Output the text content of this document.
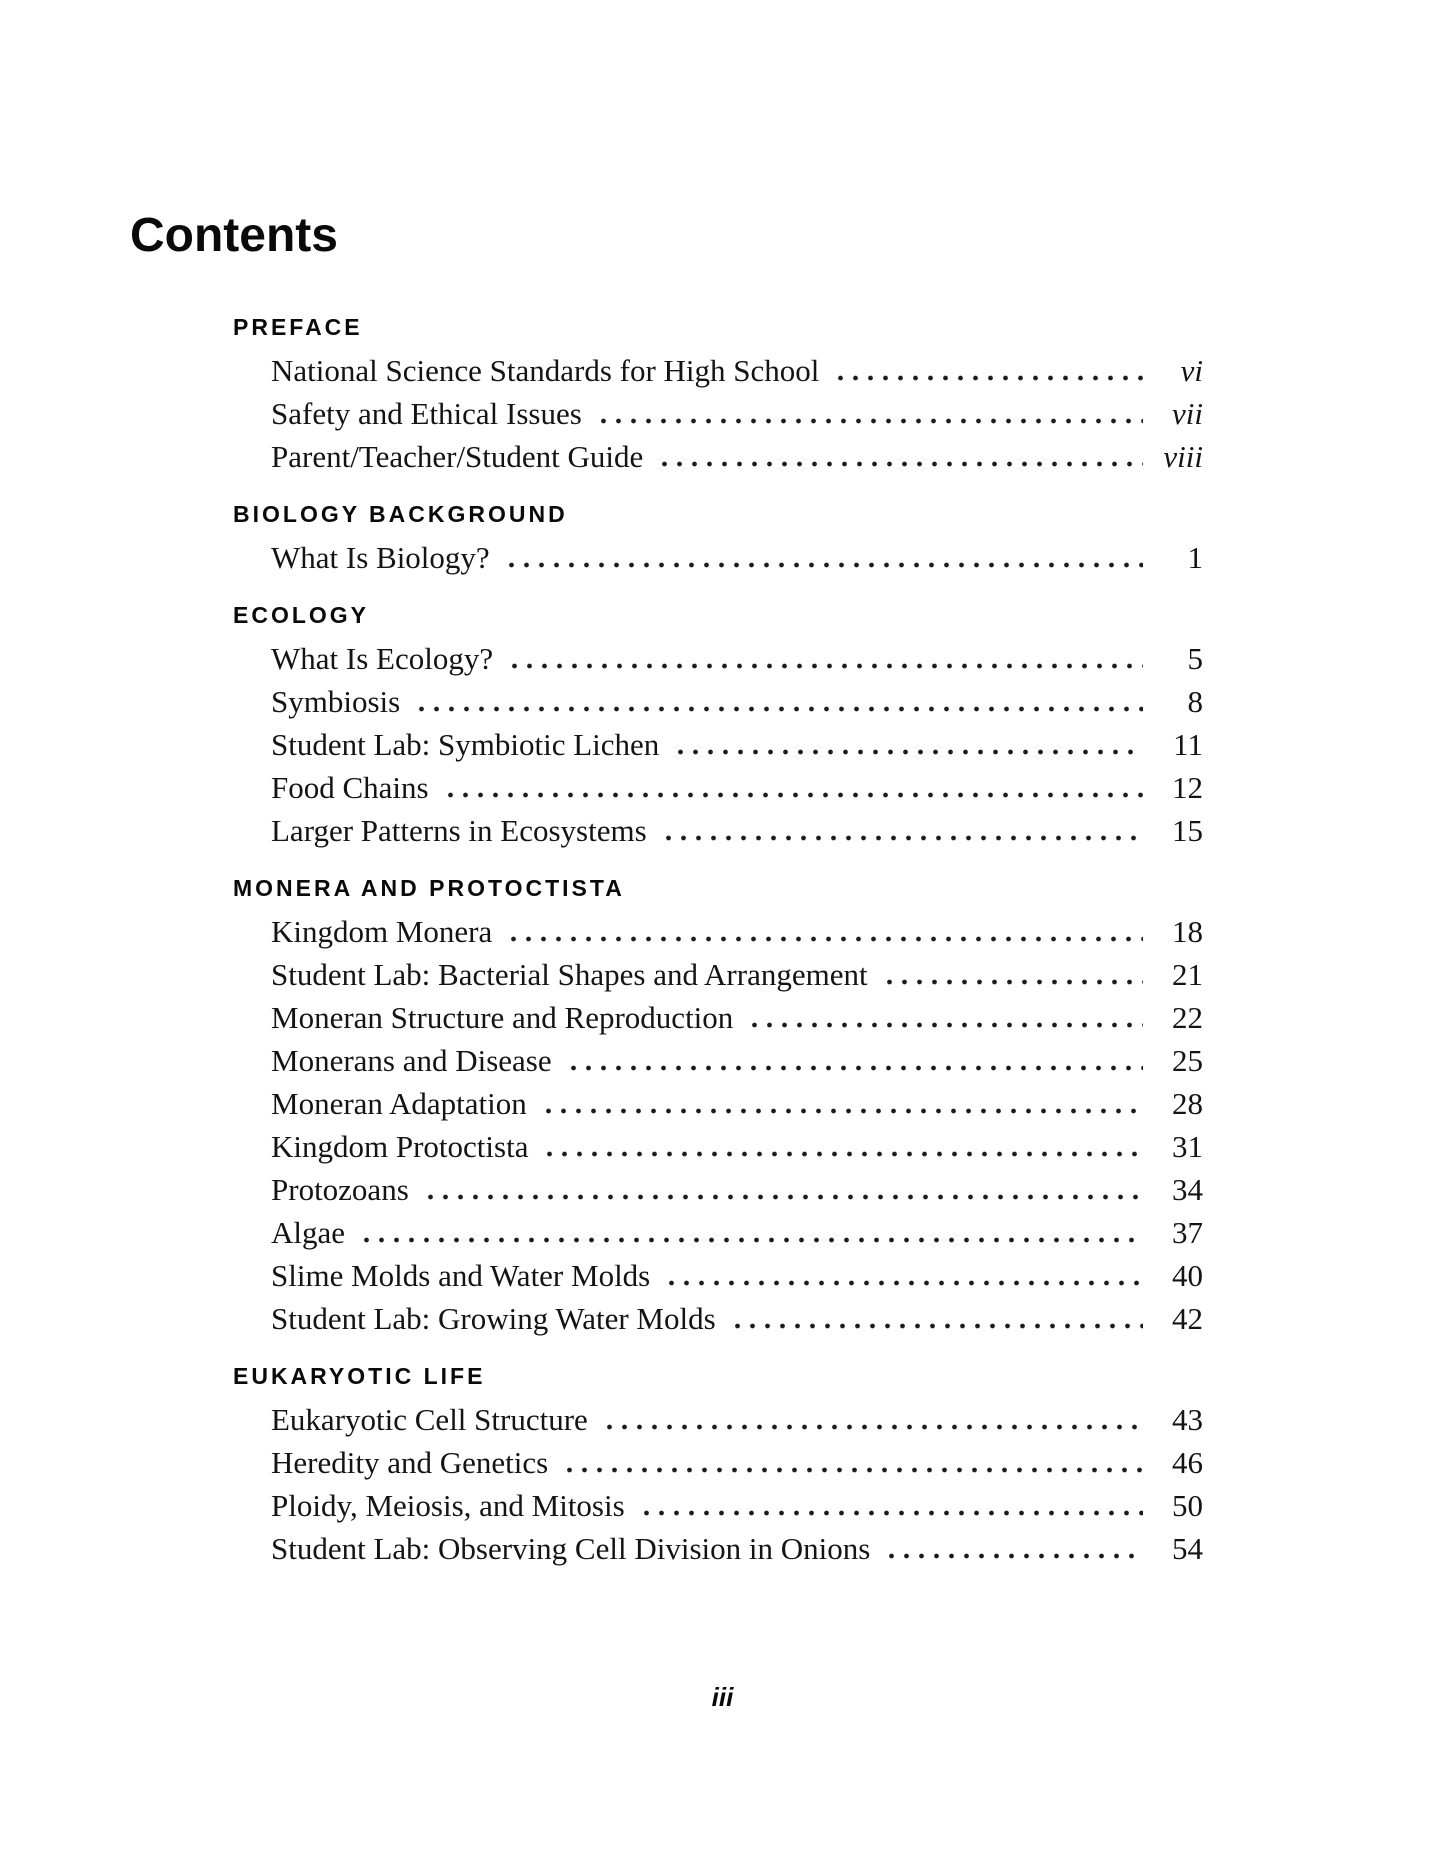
Contents
PREFACE
National Science Standards for High School	vi
Safety and Ethical Issues	vii
Parent/Teacher/Student Guide	viii
BIOLOGY BACKGROUND
What Is Biology?	1
ECOLOGY
What Is Ecology?	5
Symbiosis	8
Student Lab: Symbiotic Lichen	11
Food Chains	12
Larger Patterns in Ecosystems	15
MONERA AND PROTOCTISTA
Kingdom Monera	18
Student Lab: Bacterial Shapes and Arrangement	21
Moneran Structure and Reproduction	22
Monerans and Disease	25
Moneran Adaptation	28
Kingdom Protoctista	31
Protozoans	34
Algae	37
Slime Molds and Water Molds	40
Student Lab: Growing Water Molds	42
EUKARYOTIC LIFE
Eukaryotic Cell Structure	43
Heredity and Genetics	46
Ploidy, Meiosis, and Mitosis	50
Student Lab: Observing Cell Division in Onions	54
iii
